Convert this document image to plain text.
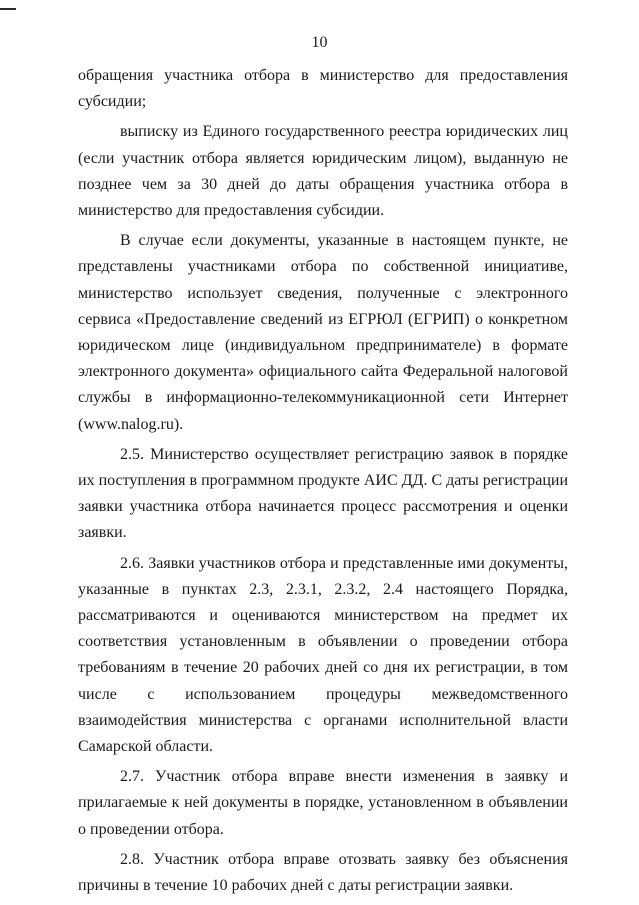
10

обращения участника отбора в министерство для предоставления субсидии;

выписку из Единого государственного реестра юридических лиц (если участник отбора является юридическим лицом), выданную не позднее чем за 30 дней до даты обращения участника отбора в министерство для предоставления субсидии.

В случае если документы, указанные в настоящем пункте, не представлены участниками отбора по собственной инициативе, министерство использует сведения, полученные с электронного сервиса «Предоставление сведений из ЕГРЮЛ (ЕГРИП) о конкретном юридическом лице (индивидуальном предпринимателе) в формате электронного документа» официального сайта Федеральной налоговой службы в информационно-телекоммуникационной сети Интернет (www.nalog.ru).

2.5. Министерство осуществляет регистрацию заявок в порядке их поступления в программном продукте АИС ДД. С даты регистрации заявки участника отбора начинается процесс рассмотрения и оценки заявки.

2.6. Заявки участников отбора и представленные ими документы, указанные в пунктах 2.3, 2.3.1, 2.3.2, 2.4 настоящего Порядка, рассматриваются и оцениваются министерством на предмет их соответствия установленным в объявлении о проведении отбора требованиям в течение 20 рабочих дней со дня их регистрации, в том числе с использованием процедуры межведомственного взаимодействия министерства с органами исполнительной власти Самарской области.

2.7. Участник отбора вправе внести изменения в заявку и прилагаемые к ней документы в порядке, установленном в объявлении о проведении отбора.

2.8. Участник отбора вправе отозвать заявку без объяснения причины в течение 10 рабочих дней с даты регистрации заявки.
